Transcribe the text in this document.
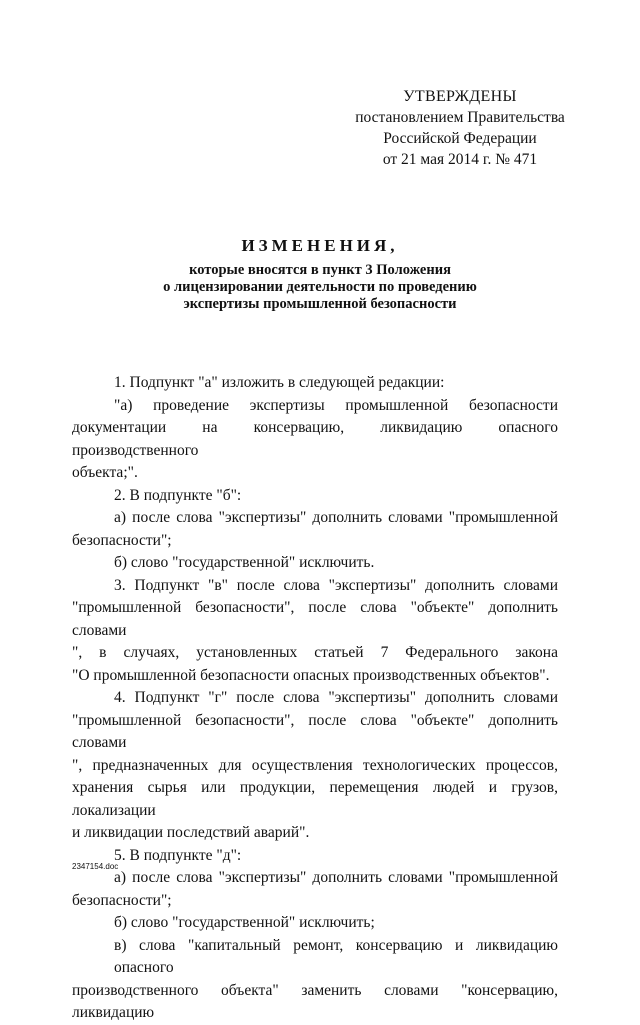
УТВЕРЖДЕНЫ
постановлением Правительства
Российской Федерации
от 21 мая 2014 г. № 471
ИЗМЕНЕНИЯ,
которые вносятся в пункт 3 Положения
о лицензировании деятельности по проведению
экспертизы промышленной безопасности
1. Подпункт "а" изложить в следующей редакции:
"а) проведение экспертизы промышленной безопасности
документации на консервацию, ликвидацию опасного производственного
объекта;".
2. В подпункте "б":
а) после слова "экспертизы" дополнить словами "промышленной
безопасности";
б) слово "государственной" исключить.
3. Подпункт "в" после слова "экспертизы" дополнить словами
"промышленной безопасности", после слова "объекте" дополнить словами
", в случаях, установленных статьей 7 Федерального закона
"О промышленной безопасности опасных производственных объектов".
4. Подпункт "г" после слова "экспертизы" дополнить словами
"промышленной безопасности", после слова "объекте" дополнить словами
", предназначенных для осуществления технологических процессов,
хранения сырья или продукции, перемещения людей и грузов, локализации
и ликвидации последствий аварий".
5. В подпункте "д":
а) после слова "экспертизы" дополнить словами "промышленной
безопасности";
б) слово "государственной" исключить;
в) слова "капитальный ремонт, консервацию и ликвидацию опасного
производственного объекта" заменить словами "консервацию, ликвидацию
2347154.doc
